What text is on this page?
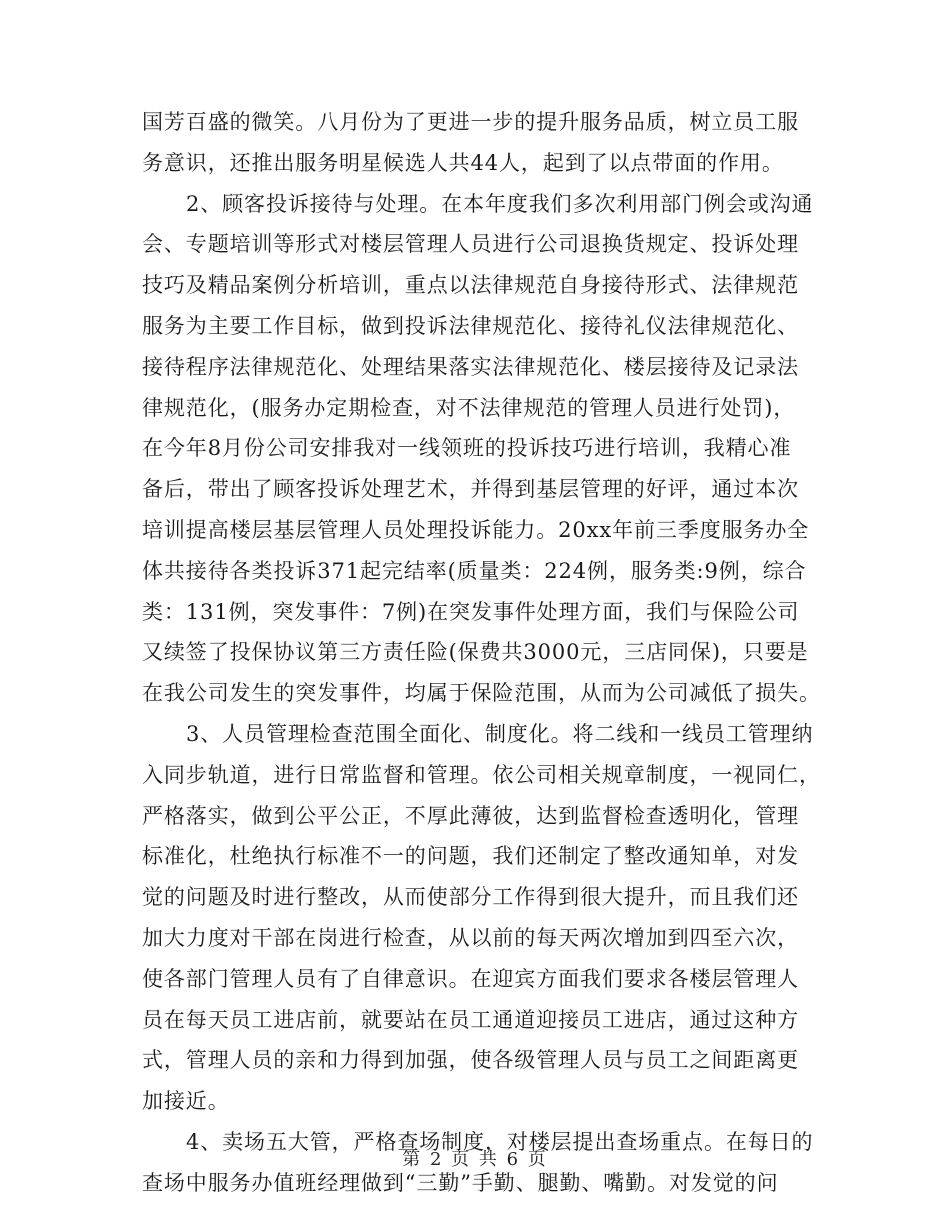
国芳百盛的微笑。八月份为了更进一步的提升服务品质，树立员工服
务意识，还推出服务明星候选人共44人，起到了以点带面的作用。
2、顾客投诉接待与处理。在本年度我们多次利用部门例会或沟通
会、专题培训等形式对楼层管理人员进行公司退换货规定、投诉处理
技巧及精品案例分析培训，重点以法律规范自身接待形式、法律规范
服务为主要工作目标，做到投诉法律规范化、接待礼仪法律规范化、
接待程序法律规范化、处理结果落实法律规范化、楼层接待及记录法
律规范化，(服务办定期检查，对不法律规范的管理人员进行处罚)，
在今年8月份公司安排我对一线领班的投诉技巧进行培训，我精心准
备后，带出了顾客投诉处理艺术，并得到基层管理的好评，通过本次
培训提高楼层基层管理人员处理投诉能力。20xx年前三季度服务办全
体共接待各类投诉371起完结率(质量类：224例，服务类:9例，综合
类：131例，突发事件：7例)在突发事件处理方面，我们与保险公司
又续签了投保协议第三方责任险(保费共3000元，三店同保)，只要是
在我公司发生的突发事件，均属于保险范围，从而为公司减低了损失。
3、人员管理检查范围全面化、制度化。将二线和一线员工管理纳
入同步轨道，进行日常监督和管理。依公司相关规章制度，一视同仁，
严格落实，做到公平公正，不厚此薄彼，达到监督检查透明化，管理
标准化，杜绝执行标准不一的问题，我们还制定了整改通知单，对发
觉的问题及时进行整改，从而使部分工作得到很大提升，而且我们还
加大力度对干部在岗进行检查，从以前的每天两次增加到四至六次，
使各部门管理人员有了自律意识。在迎宾方面我们要求各楼层管理人
员在每天员工进店前，就要站在员工通道迎接员工进店，通过这种方
式，管理人员的亲和力得到加强，使各级管理人员与员工之间距离更
加接近。
4、卖场五大管，严格查场制度，对楼层提出查场重点。在每日的
查场中服务办值班经理做到“三勤”手勤、腿勤、嘴勤。对发觉的问
第 2 页 共 6 页
